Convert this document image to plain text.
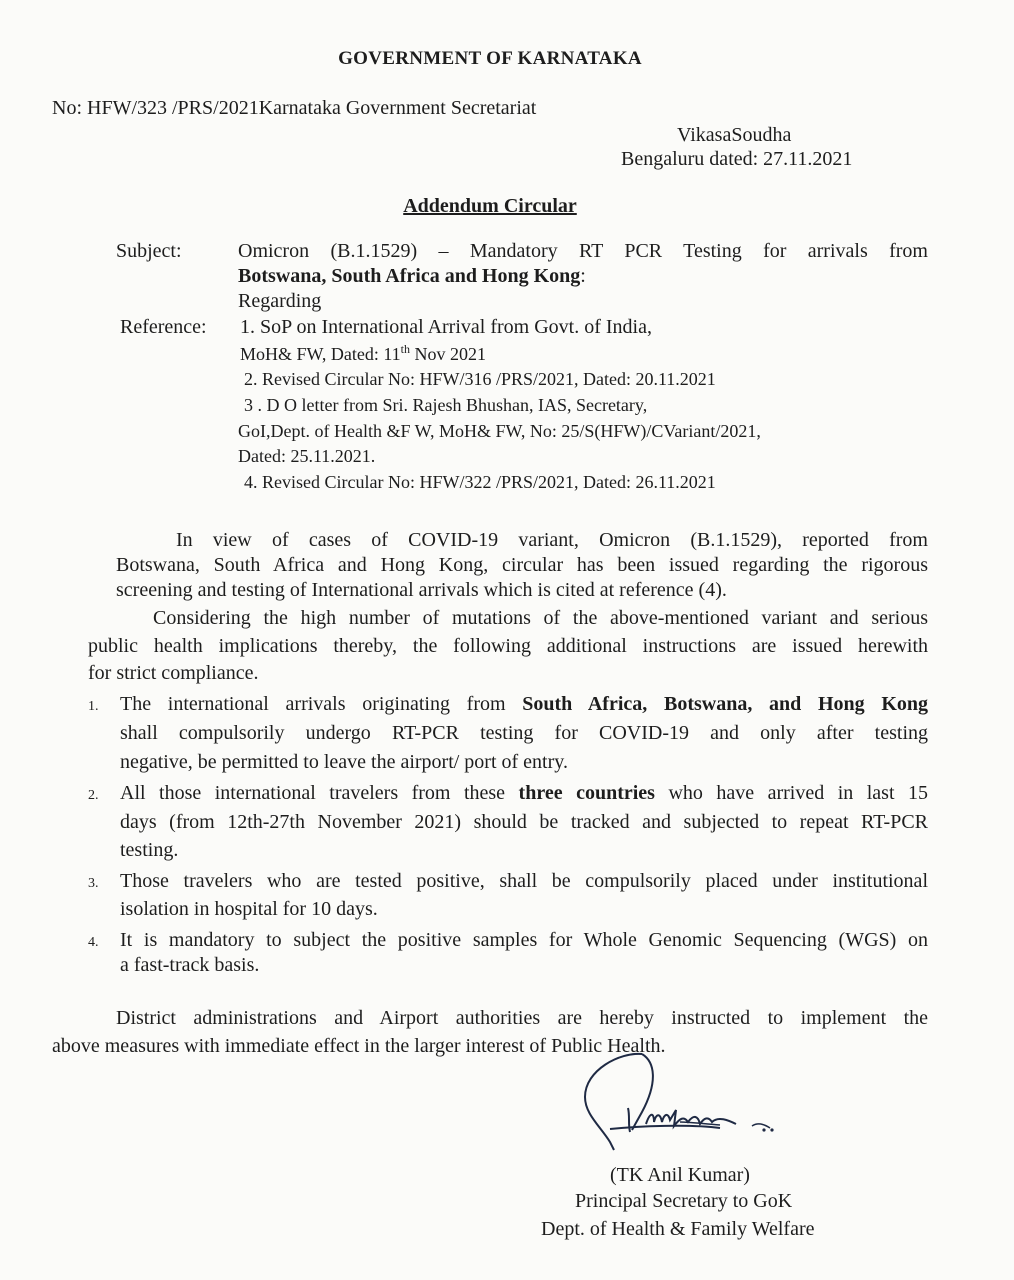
GOVERNMENT OF KARNATAKA
No: HFW/323 /PRS/2021Karnataka Government Secretariat
VikasaSoudha
Bengaluru dated: 27.11.2021
Addendum Circular
Subject:	Omicron (B.1.1529) – Mandatory RT PCR Testing for arrivals from
Botswana, South Africa and Hong Kong:
Regarding
Reference: 1. SoP on International Arrival from Govt. of India,
MoH& FW, Dated: 11th Nov 2021
2. Revised Circular No: HFW/316 /PRS/2021, Dated: 20.11.2021
3 . D O letter from Sri. Rajesh Bhushan, IAS, Secretary,
GoI,Dept. of Health &F W, MoH& FW, No: 25/S(HFW)/CVariant/2021,
Dated: 25.11.2021.
4. Revised Circular No: HFW/322 /PRS/2021, Dated: 26.11.2021
In view of cases of COVID-19 variant, Omicron (B.1.1529), reported from
Botswana, South Africa and Hong Kong, circular has been issued regarding the rigorous
screening and testing of International arrivals which is cited at reference (4).
Considering the high number of mutations of the above-mentioned variant and serious
public health implications thereby, the following additional instructions are issued herewith
for strict compliance.
1. The international arrivals originating from South Africa, Botswana, and Hong Kong
shall compulsorily undergo RT-PCR testing for COVID-19 and only after testing
negative, be permitted to leave the airport/ port of entry.
2. All those international travelers from these three countries who have arrived in last 15
days (from 12th-27th November 2021) should be tracked and subjected to repeat RT-PCR
testing.
3. Those travelers who are tested positive, shall be compulsorily placed under institutional
isolation in hospital for 10 days.
4. It is mandatory to subject the positive samples for Whole Genomic Sequencing (WGS) on
a fast-track basis.
District administrations and Airport authorities are hereby instructed to implement the
above measures with immediate effect in the larger interest of Public Health.
(TK Anil Kumar)
Principal Secretary to GoK
Dept. of Health & Family Welfare
